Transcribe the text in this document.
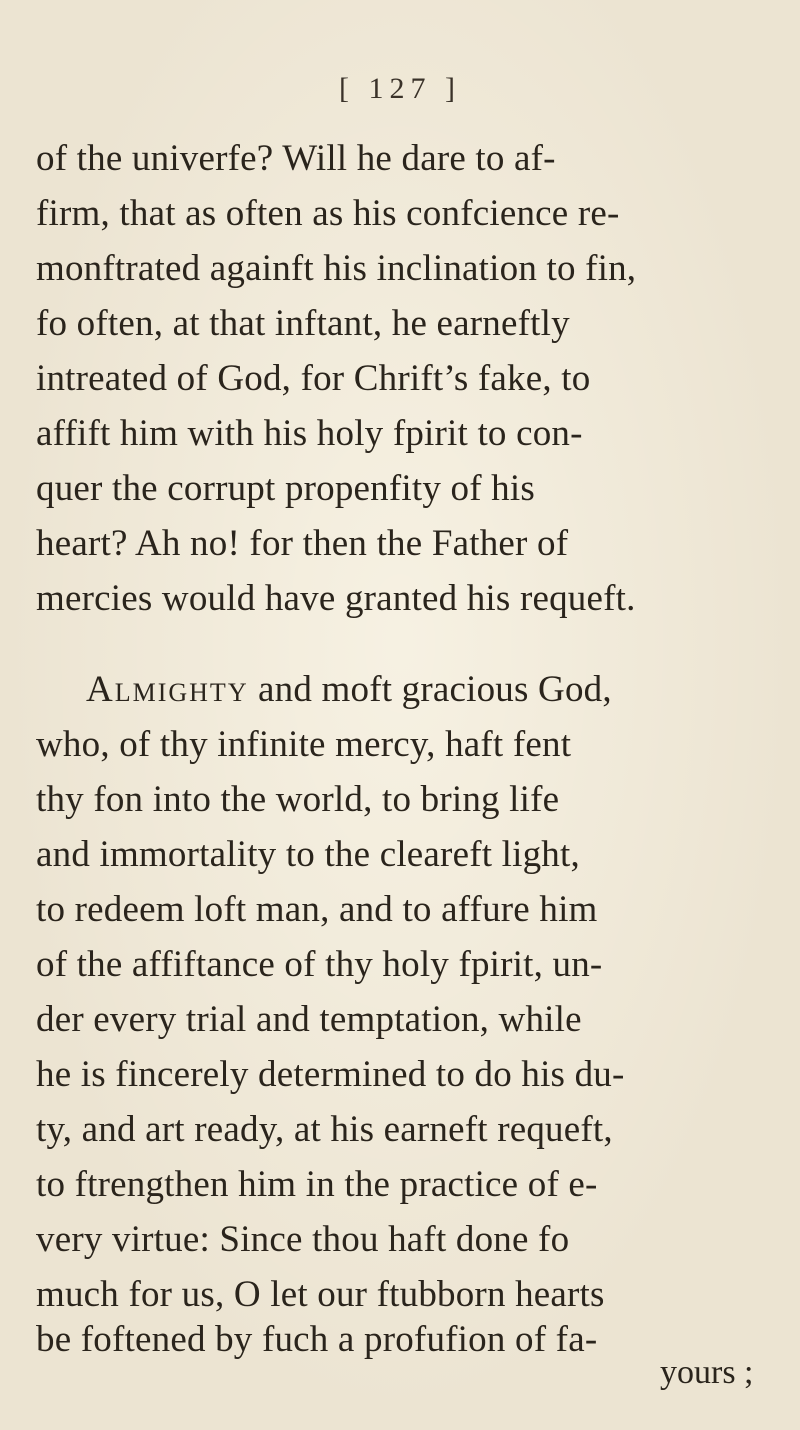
[ 127 ]
of the univerfe? Will he dare to af-
firm, that as often as his confcience re-
monftrated againft his inclination to fin,
fo often, at that inftant, he earneftly
intreated of God, for Chrift’s fake, to
affift him with his holy fpirit to con-
quer the corrupt propenfity of his
heart? Ah no! for then the Father of
mercies would have granted his requeft.
Almighty and moft gracious God,
who, of thy infinite mercy, haft fent
thy fon into the world, to bring life
and immortality to the cleareft light,
to redeem loft man, and to affure him
of the affiftance of thy holy fpirit, un-
der every trial and temptation, while
he is fincerely determined to do his du-
ty, and art ready, at his earneft requeft,
to ftrengthen him in the practice of e-
very virtue: Since thou haft done fo
much for us, O let our ftubborn hearts
be foftened by fuch a profufion of fa-
yours ;
